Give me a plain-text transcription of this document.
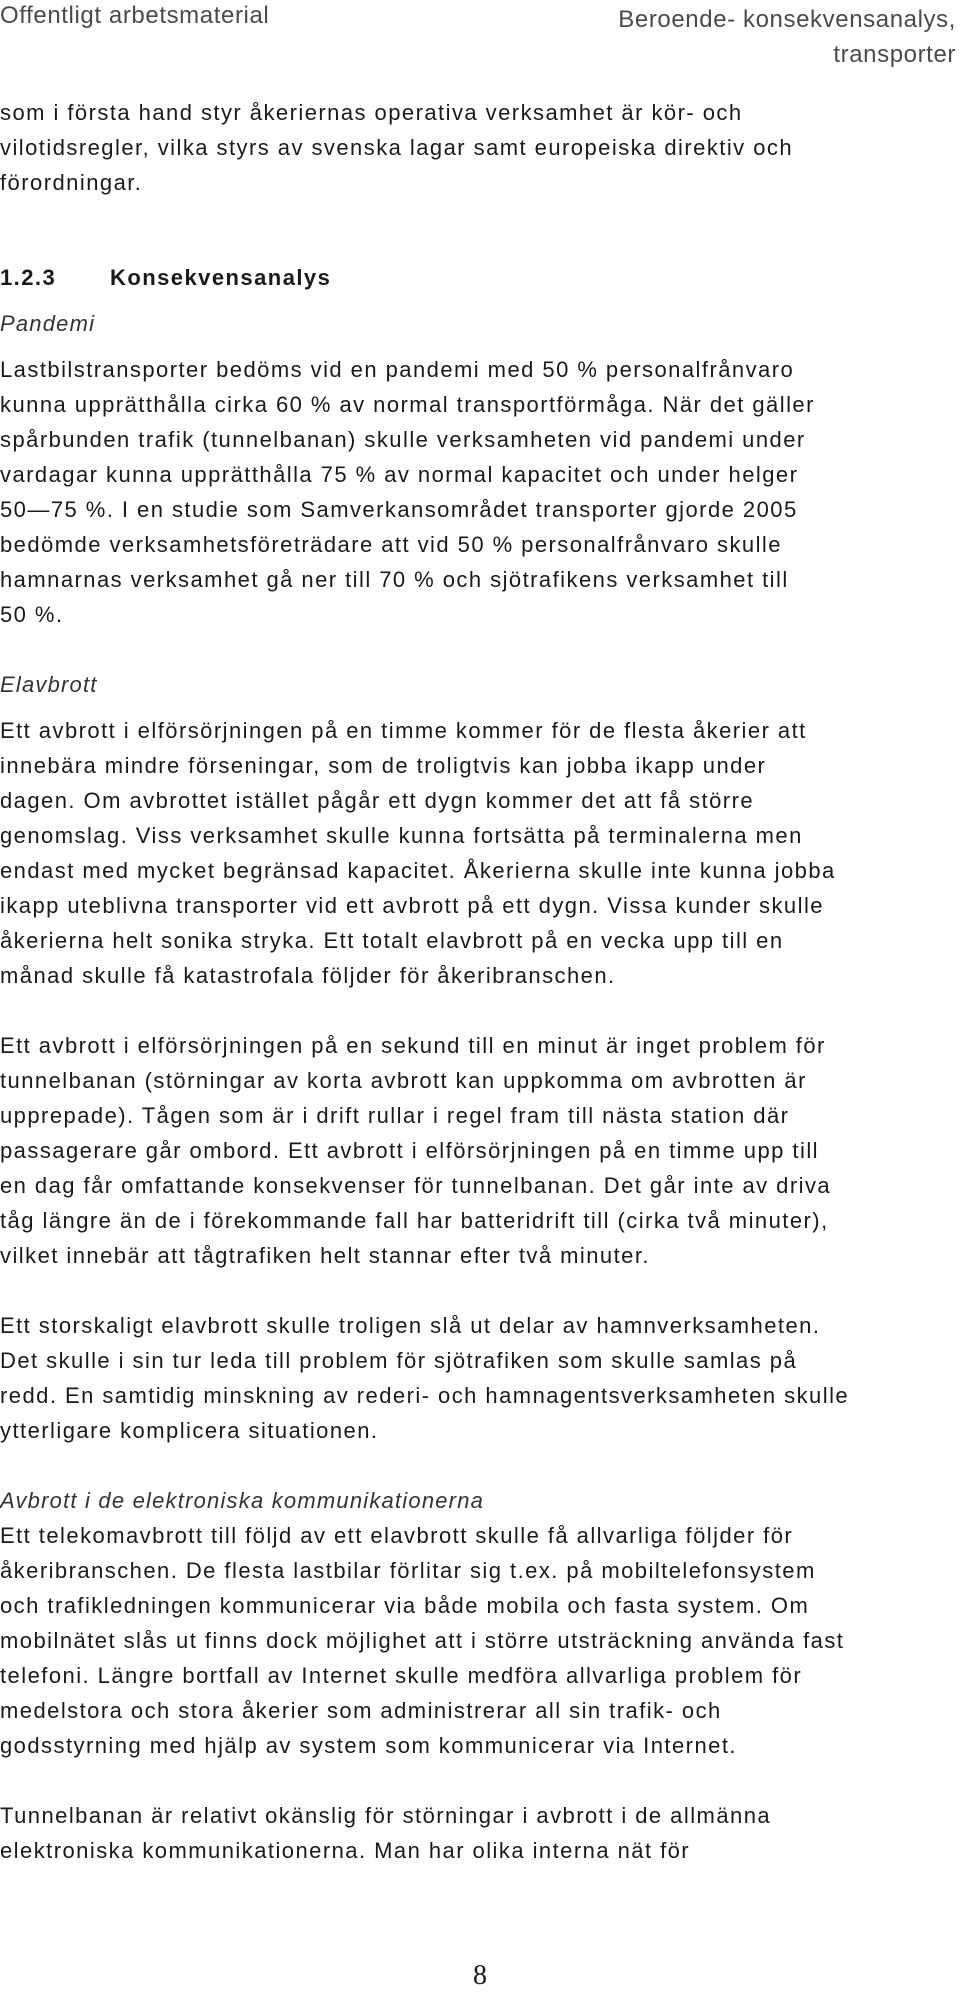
Offentligt arbetsmaterial	Beroende- konsekvensanalys, transporter

som i första hand styr åkeriernas operativa verksamhet är kör- och
vilotidsregler, vilka styrs av svenska lagar samt europeiska direktiv och
förordningar.

1.2.3 Konsekvensanalys
Pandemi

Lastbilstransporter bedöms vid en pandemi med 50 % personalfrånvaro
kunna upprätthålla cirka 60 % av normal transportförmåga. När det gäller
spårbunden trafik (tunnelbanan) skulle verksamheten vid pandemi under
vardagar kunna upprätthålla 75 % av normal kapacitet och under helger
50—75 %. I en studie som Samverkansområdet transporter gjorde 2005
bedömde verksamhetsföreträdare att vid 50 % personalfrånvaro skulle
hamnarnas verksamhet gå ner till 70 % och sjötrafikens verksamhet till
50 %.

Elavbrott

Ett avbrott i elförsörjningen på en timme kommer för de flesta åkerier att
innebära mindre förseningar, som de troligtvis kan jobba ikapp under
dagen. Om avbrottet istället pågår ett dygn kommer det att få större
genomslag. Viss verksamhet skulle kunna fortsätta på terminalerna men
endast med mycket begränsad kapacitet. Åkerierna skulle inte kunna jobba
ikapp uteblivna transporter vid ett avbrott på ett dygn. Vissa kunder skulle
åkerierna helt sonika stryka. Ett totalt elavbrott på en vecka upp till en
månad skulle få katastrofala följder för åkeribranschen.

Ett avbrott i elförsörjningen på en sekund till en minut är inget problem för
tunnelbanan (störningar av korta avbrott kan uppkomma om avbrotten är
upprepade). Tågen som är i drift rullar i regel fram till nästa station där
passagerare går ombord. Ett avbrott i elförsörjningen på en timme upp till
en dag får omfattande konsekvenser för tunnelbanan. Det går inte av driva
tåg längre än de i förekommande fall har batteridrift till (cirka två minuter),
vilket innebär att tågtrafiken helt stannar efter två minuter.

Ett storskaligt elavbrott skulle troligen slå ut delar av hamnverksamheten.
Det skulle i sin tur leda till problem för sjötrafiken som skulle samlas på
redd. En samtidig minskning av rederi- och hamnagentsverksamheten skulle
ytterligare komplicera situationen.

Avbrott i de elektroniska kommunikationerna

Ett telekomavbrott till följd av ett elavbrott skulle få allvarliga följder för
åkeribranschen. De flesta lastbilar förlitar sig t.ex. på mobiltelefonsystem
och trafikledningen kommunicerar via både mobila och fasta system. Om
mobilnätet slås ut finns dock möjlighet att i större utsträckning använda fast
telefoni. Längre bortfall av Internet skulle medföra allvarliga problem för
medelstora och stora åkerier som administrerar all sin trafik- och
godsstyrning med hjälp av system som kommunicerar via Internet.

Tunnelbanan är relativt okänslig för störningar i avbrott i de allmänna
elektroniska kommunikationerna. Man har olika interna nät för

8
